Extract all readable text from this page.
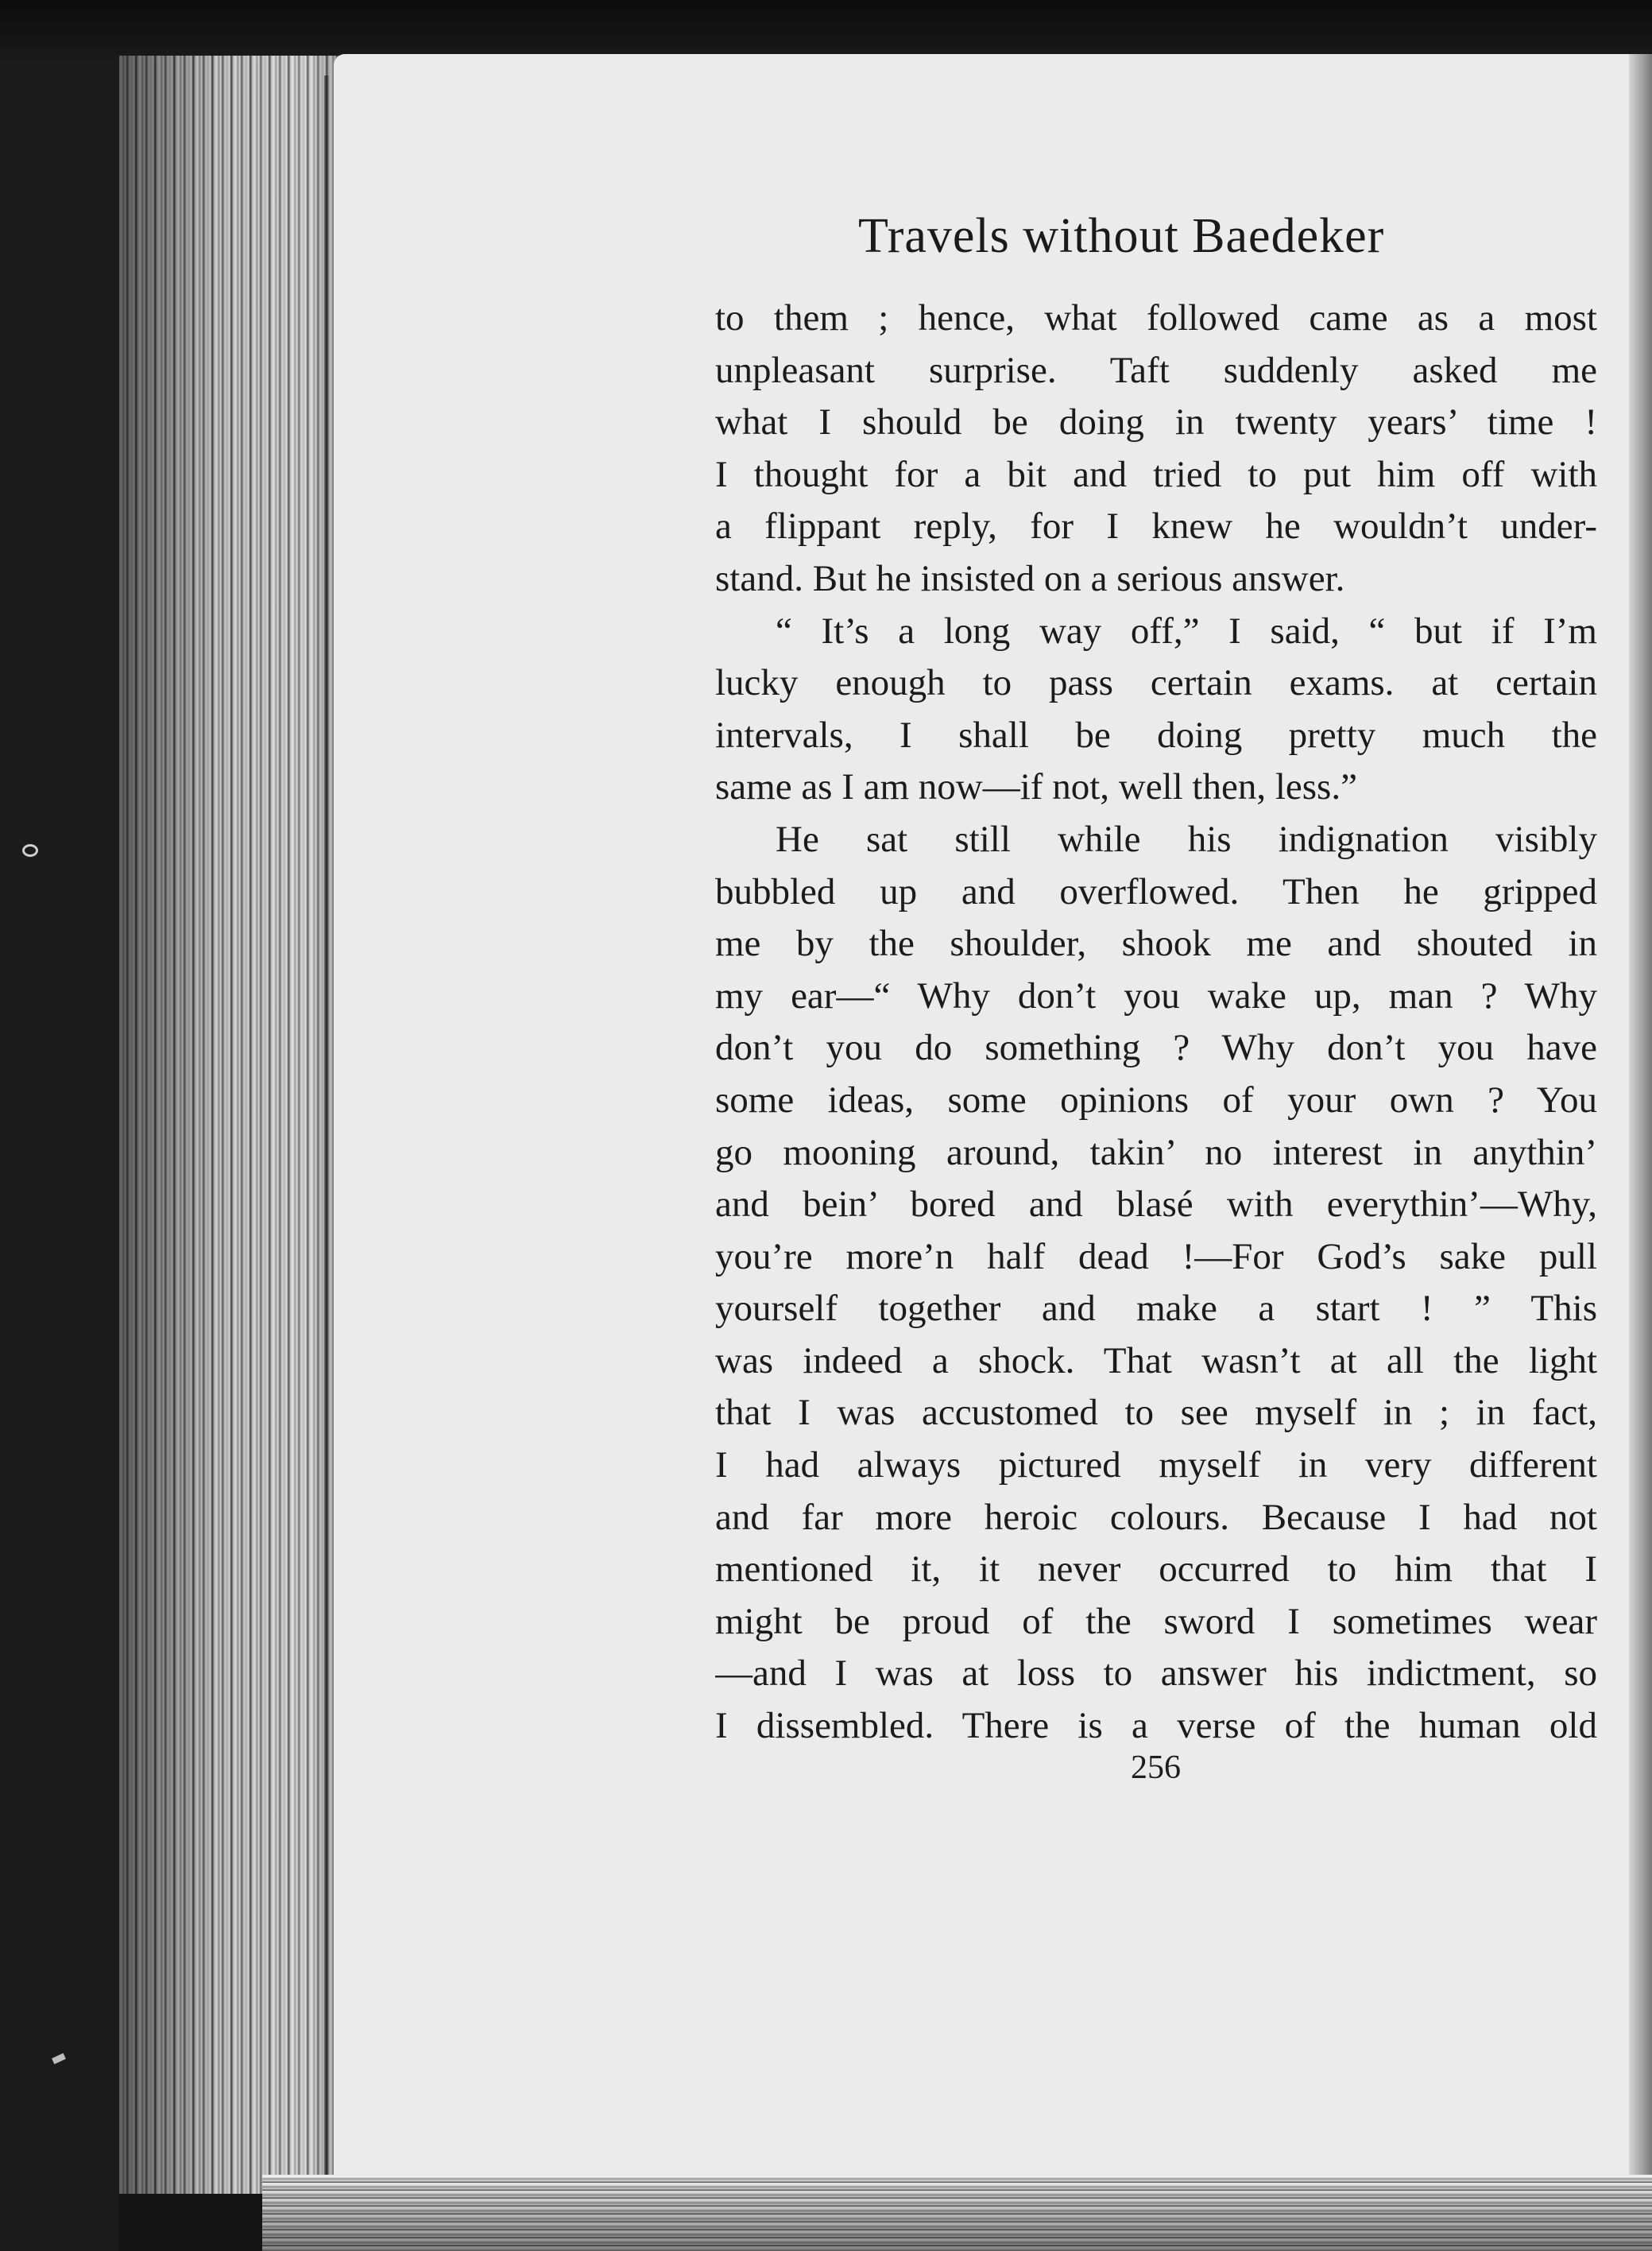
Travels without Baedeker
to them ; hence, what followed came as a most
unpleasant surprise. Taft suddenly asked me
what I should be doing in twenty years’ time !
I thought for a bit and tried to put him off with
a flippant reply, for I knew he wouldn’t under-
stand. But he insisted on a serious answer.
“ It’s a long way off,” I said, “ but if I’m
lucky enough to pass certain exams. at certain
intervals, I shall be doing pretty much the
same as I am now—if not, well then, less.”
He sat still while his indignation visibly
bubbled up and overflowed. Then he gripped
me by the shoulder, shook me and shouted in
my ear—“ Why don’t you wake up, man ? Why
don’t you do something ? Why don’t you have
some ideas, some opinions of your own ? You
go mooning around, takin’ no interest in anythin’
and bein’ bored and blasé with everythin’—Why,
you’re more’n half dead !—For God’s sake pull
yourself together and make a start ! ” This
was indeed a shock. That wasn’t at all the light
that I was accustomed to see myself in ; in fact,
I had always pictured myself in very different
and far more heroic colours. Because I had not
mentioned it, it never occurred to him that I
might be proud of the sword I sometimes wear
—and I was at loss to answer his indictment, so
I dissembled. There is a verse of the human old
256
